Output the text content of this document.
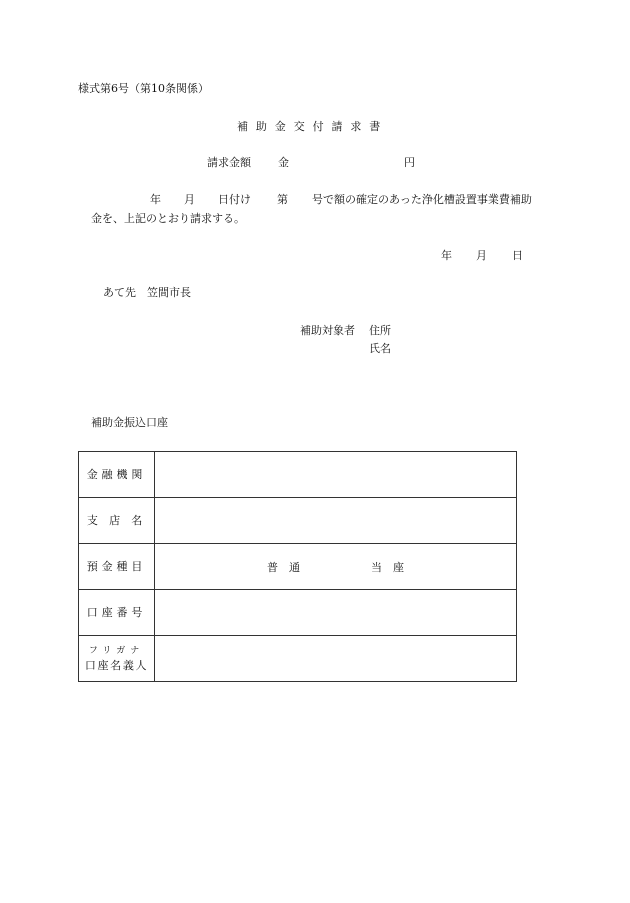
様式第6号（第10条関係）
補 助 金 交 付 請 求 書
請求金額 金	円
年 月 日付け 第 号で額の確定のあった浄化槽設置事業費補助
金を、上記のとおり請求する。
年 月 日
あて先　笠間市長
補助対象者 住所
氏名
補助金振込口座
金融機関	
支 店 名	
預金種目	普　通 当　座

口座番号	

フリガナ
口座名義人	
